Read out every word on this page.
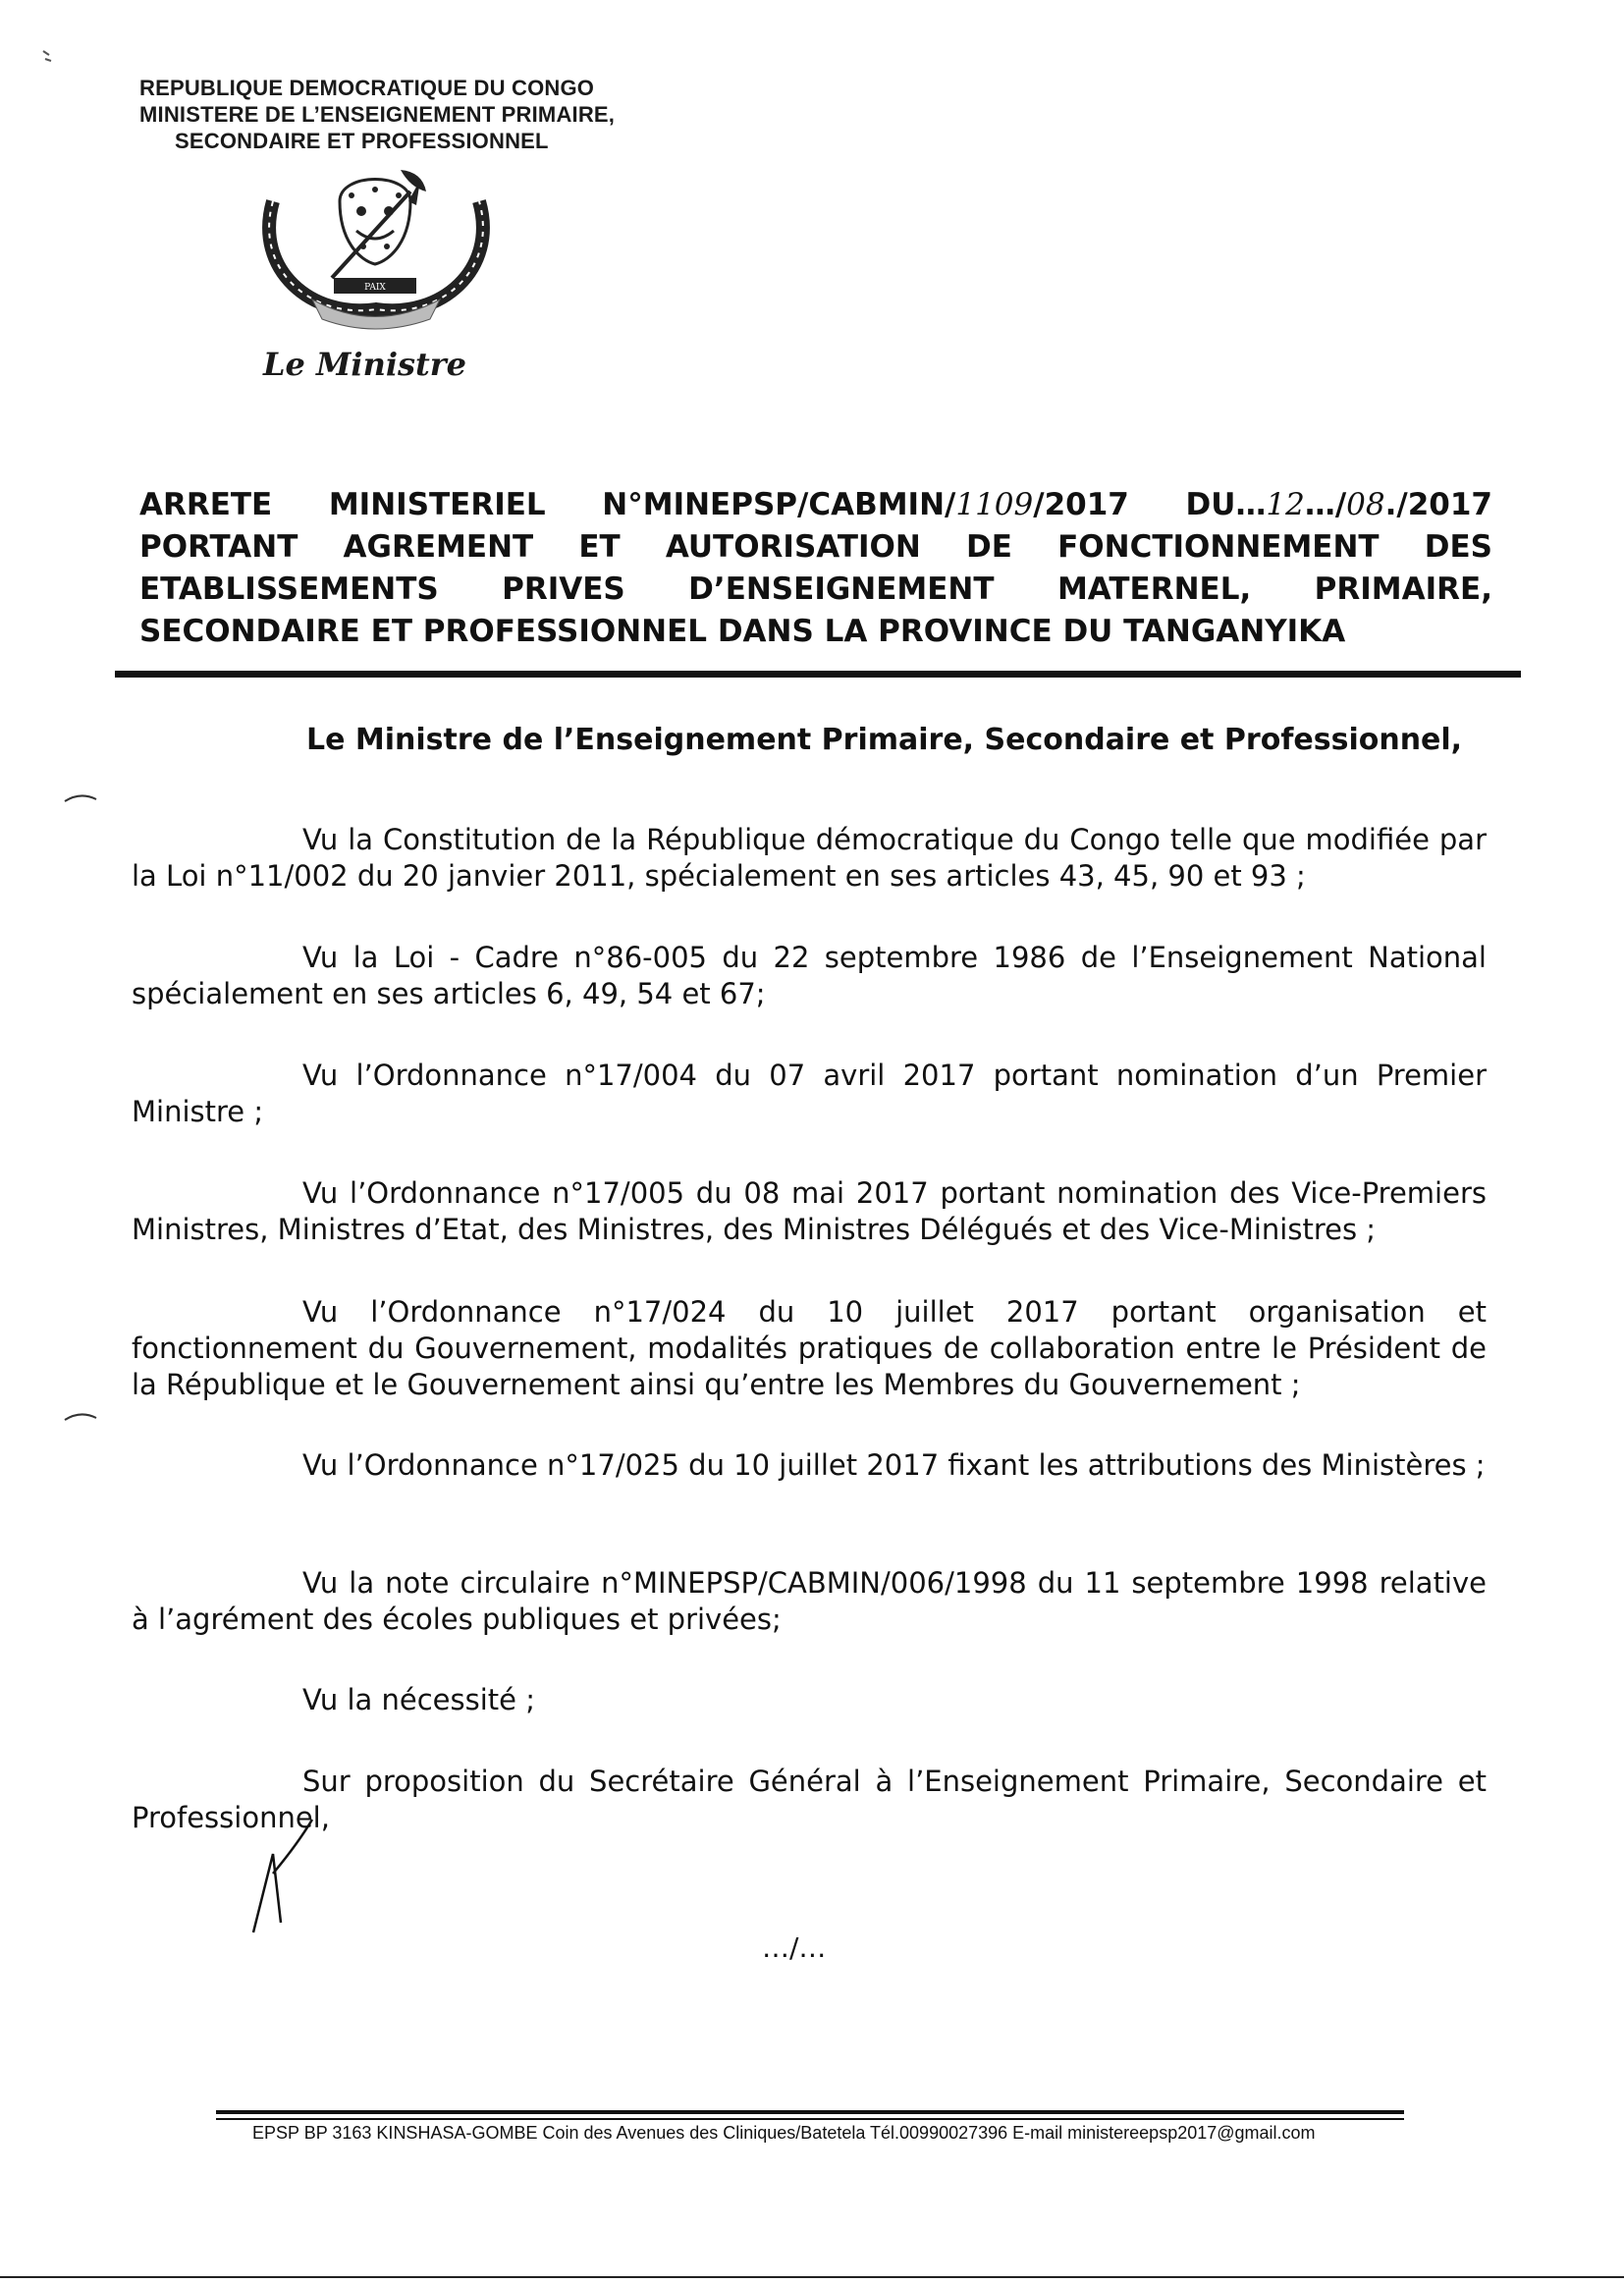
REPUBLIQUE DEMOCRATIQUE DU CONGO
MINISTERE DE L’ENSEIGNEMENT PRIMAIRE,
SECONDAIRE ET PROFESSIONNEL
PAIX
Le Ministre
ARRETE MINISTERIEL N°MINEPSP/CABMIN/1109/2017 DU…12…/08./2017
PORTANT AGREMENT ET AUTORISATION DE FONCTIONNEMENT DES
ETABLISSEMENTS PRIVES D’ENSEIGNEMENT MATERNEL, PRIMAIRE,
SECONDAIRE ET PROFESSIONNEL DANS LA PROVINCE DU TANGANYIKA
Le Ministre de l’Enseignement Primaire, Secondaire et Professionnel,

Vu la Constitution de la République démocratique du Congo telle que modifiée par la Loi n°11/002 du 20 janvier 2011, spécialement en ses articles 43, 45, 90 et 93 ;

Vu la Loi - Cadre n°86-005 du 22 septembre 1986 de l’Enseignement National spécialement en ses articles 6, 49, 54 et 67;

Vu l’Ordonnance n°17/004 du 07 avril 2017 portant nomination d’un Premier Ministre ;

Vu l’Ordonnance n°17/005 du 08 mai 2017 portant nomination des Vice-Premiers Ministres, Ministres d’Etat, des Ministres, des Ministres Délégués et des Vice-Ministres ;

Vu l’Ordonnance n°17/024 du 10 juillet 2017 portant organisation et fonctionnement du Gouvernement, modalités pratiques de collaboration entre le Président de la République et le Gouvernement ainsi qu’entre les Membres du Gouvernement ;

Vu l’Ordonnance n°17/025 du 10 juillet 2017 fixant les attributions des Ministères ;

Vu la note circulaire n°MINEPSP/CABMIN/006/1998 du 11 septembre 1998 relative à l’agrément des écoles publiques et privées;

Vu la nécessité ;

Sur proposition du Secrétaire Général à l’Enseignement Primaire, Secondaire et Professionnel,

…/…
EPSP BP 3163 KINSHASA-GOMBE Coin des Avenues des Cliniques/Batetela Tél.00990027396 E-mail ministereepsp2017@gmail.com
